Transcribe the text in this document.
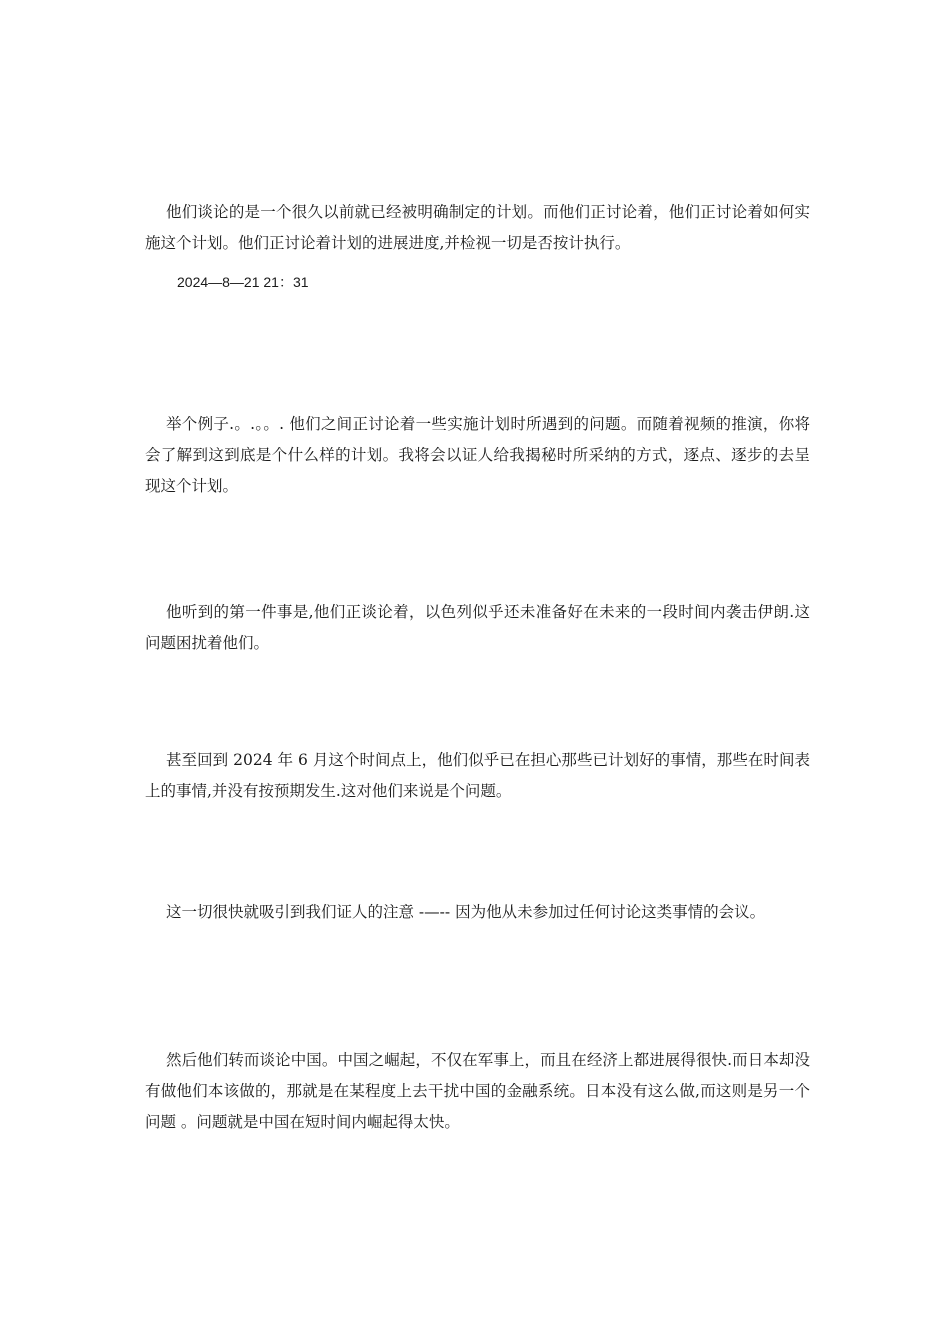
他们谈论的是一个很久以前就已经被明确制定的计划。而他们正讨论着，他们正讨论着如何实施这个计划。他们正讨论着计划的进展进度,并检视一切是否按计执行。

2024—8—21 21：31

举个例子.。.。。. 他们之间正讨论着一些实施计划时所遇到的问题。而随着视频的推演，你将会了解到这到底是个什么样的计划。我将会以证人给我揭秘时所采纳的方式，逐点、逐步的去呈现这个计划。

他听到的第一件事是,他们正谈论着，以色列似乎还未准备好在未来的一段时间内袭击伊朗.这问题困扰着他们。

甚至回到 2024 年 6 月这个时间点上，他们似乎已在担心那些已计划好的事情，那些在时间表上的事情,并没有按预期发生.这对他们来说是个问题。

这一切很快就吸引到我们证人的注意 -—-- 因为他从未参加过任何讨论这类事情的会议。

然后他们转而谈论中国。中国之崛起，不仅在军事上，而且在经济上都进展得很快.而日本却没有做他们本该做的，那就是在某程度上去干扰中国的金融系统。日本没有这么做,而这则是另一个问题 。问题就是中国在短时间内崛起得太快。
